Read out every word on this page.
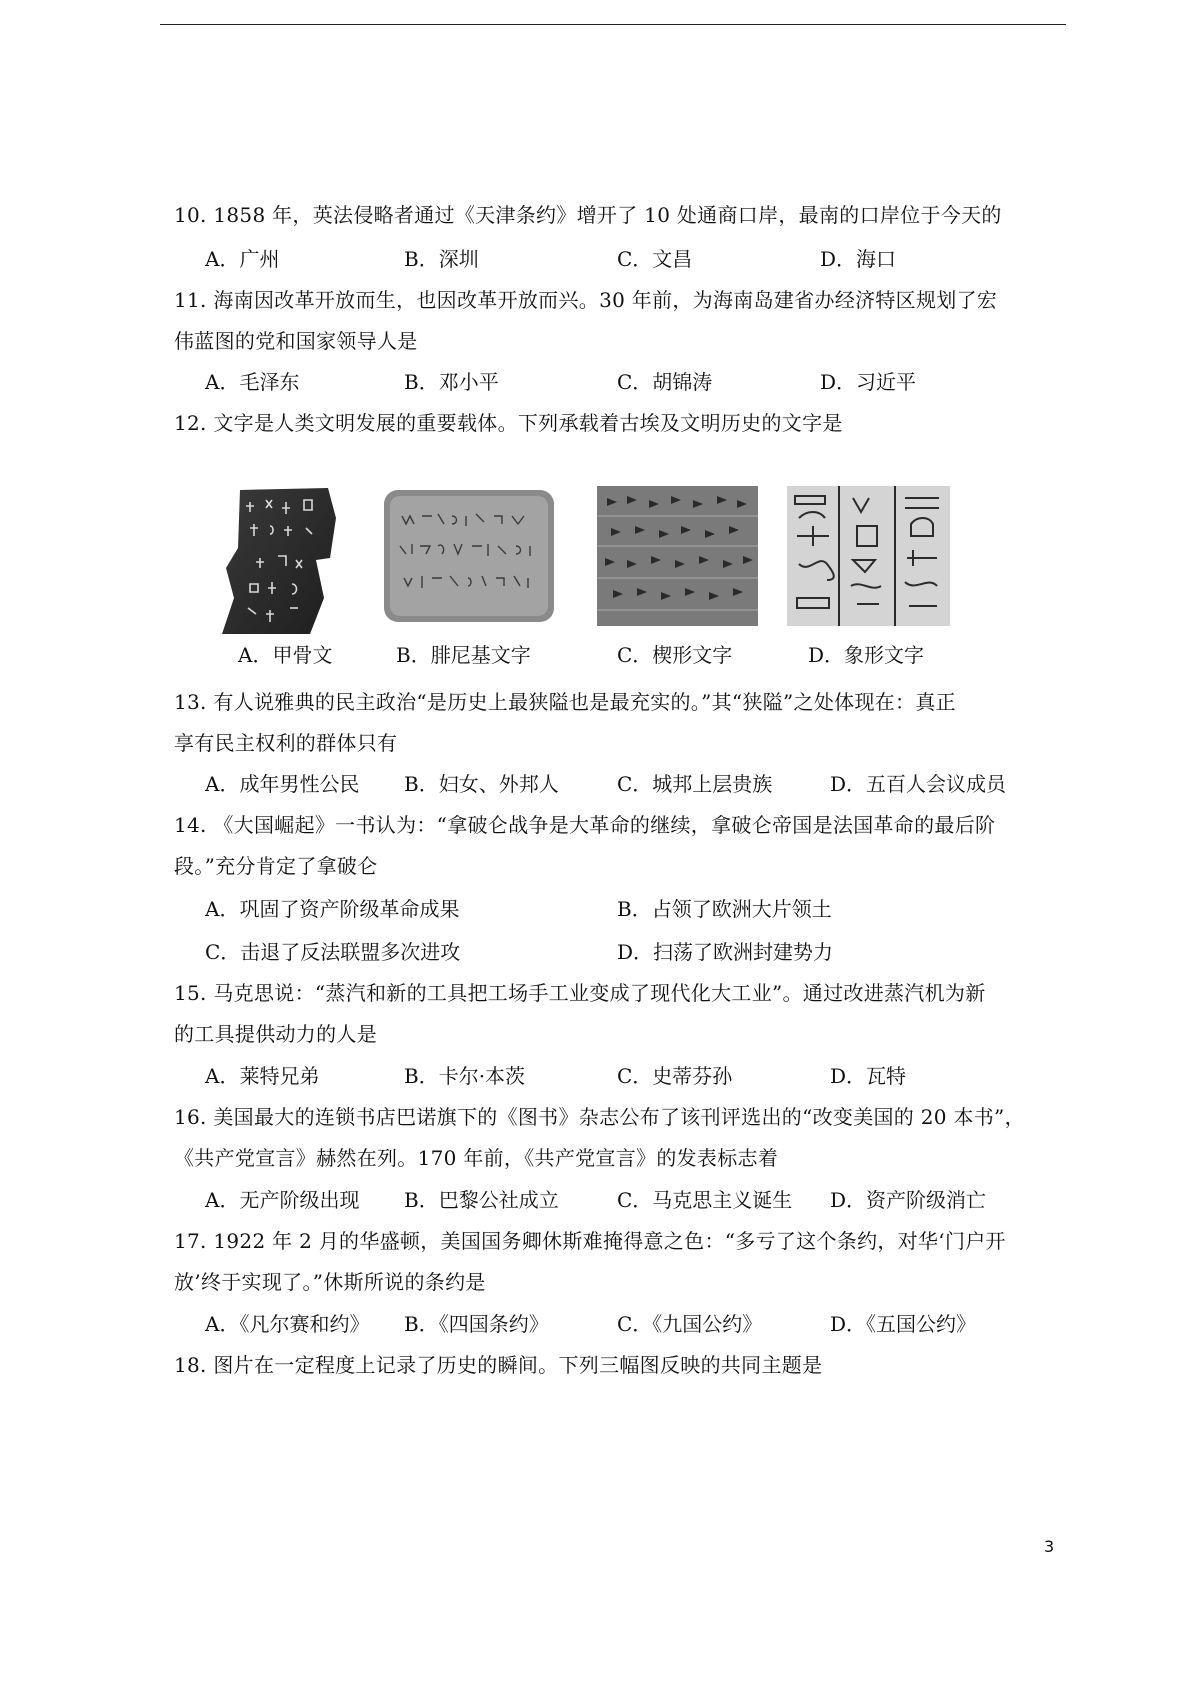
10. 1858 年，英法侵略者通过《天津条约》增开了 10 处通商口岸，最南的口岸位于今天的
A．广州	B．深圳	C．文昌	D．海口
11. 海南因改革开放而生，也因改革开放而兴。30 年前，为海南岛建省办经济特区规划了宏
伟蓝图的党和国家领导人是
A．毛泽东	B．邓小平	C．胡锦涛	D．习近平
12. 文字是人类文明发展的重要载体。下列承载着古埃及文明历史的文字是
A．甲骨文	B．腓尼基文字	C．楔形文字	D．象形文字
13. 有人说雅典的民主政治“是历史上最狭隘也是最充实的。”其“狭隘”之处体现在：真正
享有民主权利的群体只有
A．成年男性公民 B．妇女、外邦人	C．城邦上层贵族	D．五百人会议成员
14. 《大国崛起》一书认为：“拿破仑战争是大革命的继续，拿破仑帝国是法国革命的最后阶
段。”充分肯定了拿破仑
A．巩固了资产阶级革命成果	B．占领了欧洲大片领土
C．击退了反法联盟多次进攻	D．扫荡了欧洲封建势力
15. 马克思说：“蒸汽和新的工具把工场手工业变成了现代化大工业”。通过改进蒸汽机为新
的工具提供动力的人是
A．莱特兄弟	B．卡尔·本茨	C．史蒂芬孙	D．瓦特
16. 美国最大的连锁书店巴诺旗下的《图书》杂志公布了该刊评选出的“改变美国的 20 本书”，
《共产党宣言》赫然在列。170 年前，《共产党宣言》的发表标志着
A．无产阶级出现 B．巴黎公社成立	C．马克思主义诞生 D．资产阶级消亡
17. 1922 年 2 月的华盛顿，美国国务卿休斯难掩得意之色：“多亏了这个条约，对华‘门户开
放’终于实现了。”休斯所说的条约是
A．《凡尔赛和约》 B．《四国条约》	C．《九国公约》	D．《五国公约》
18. 图片在一定程度上记录了历史的瞬间。下列三幅图反映的共同主题是
3
